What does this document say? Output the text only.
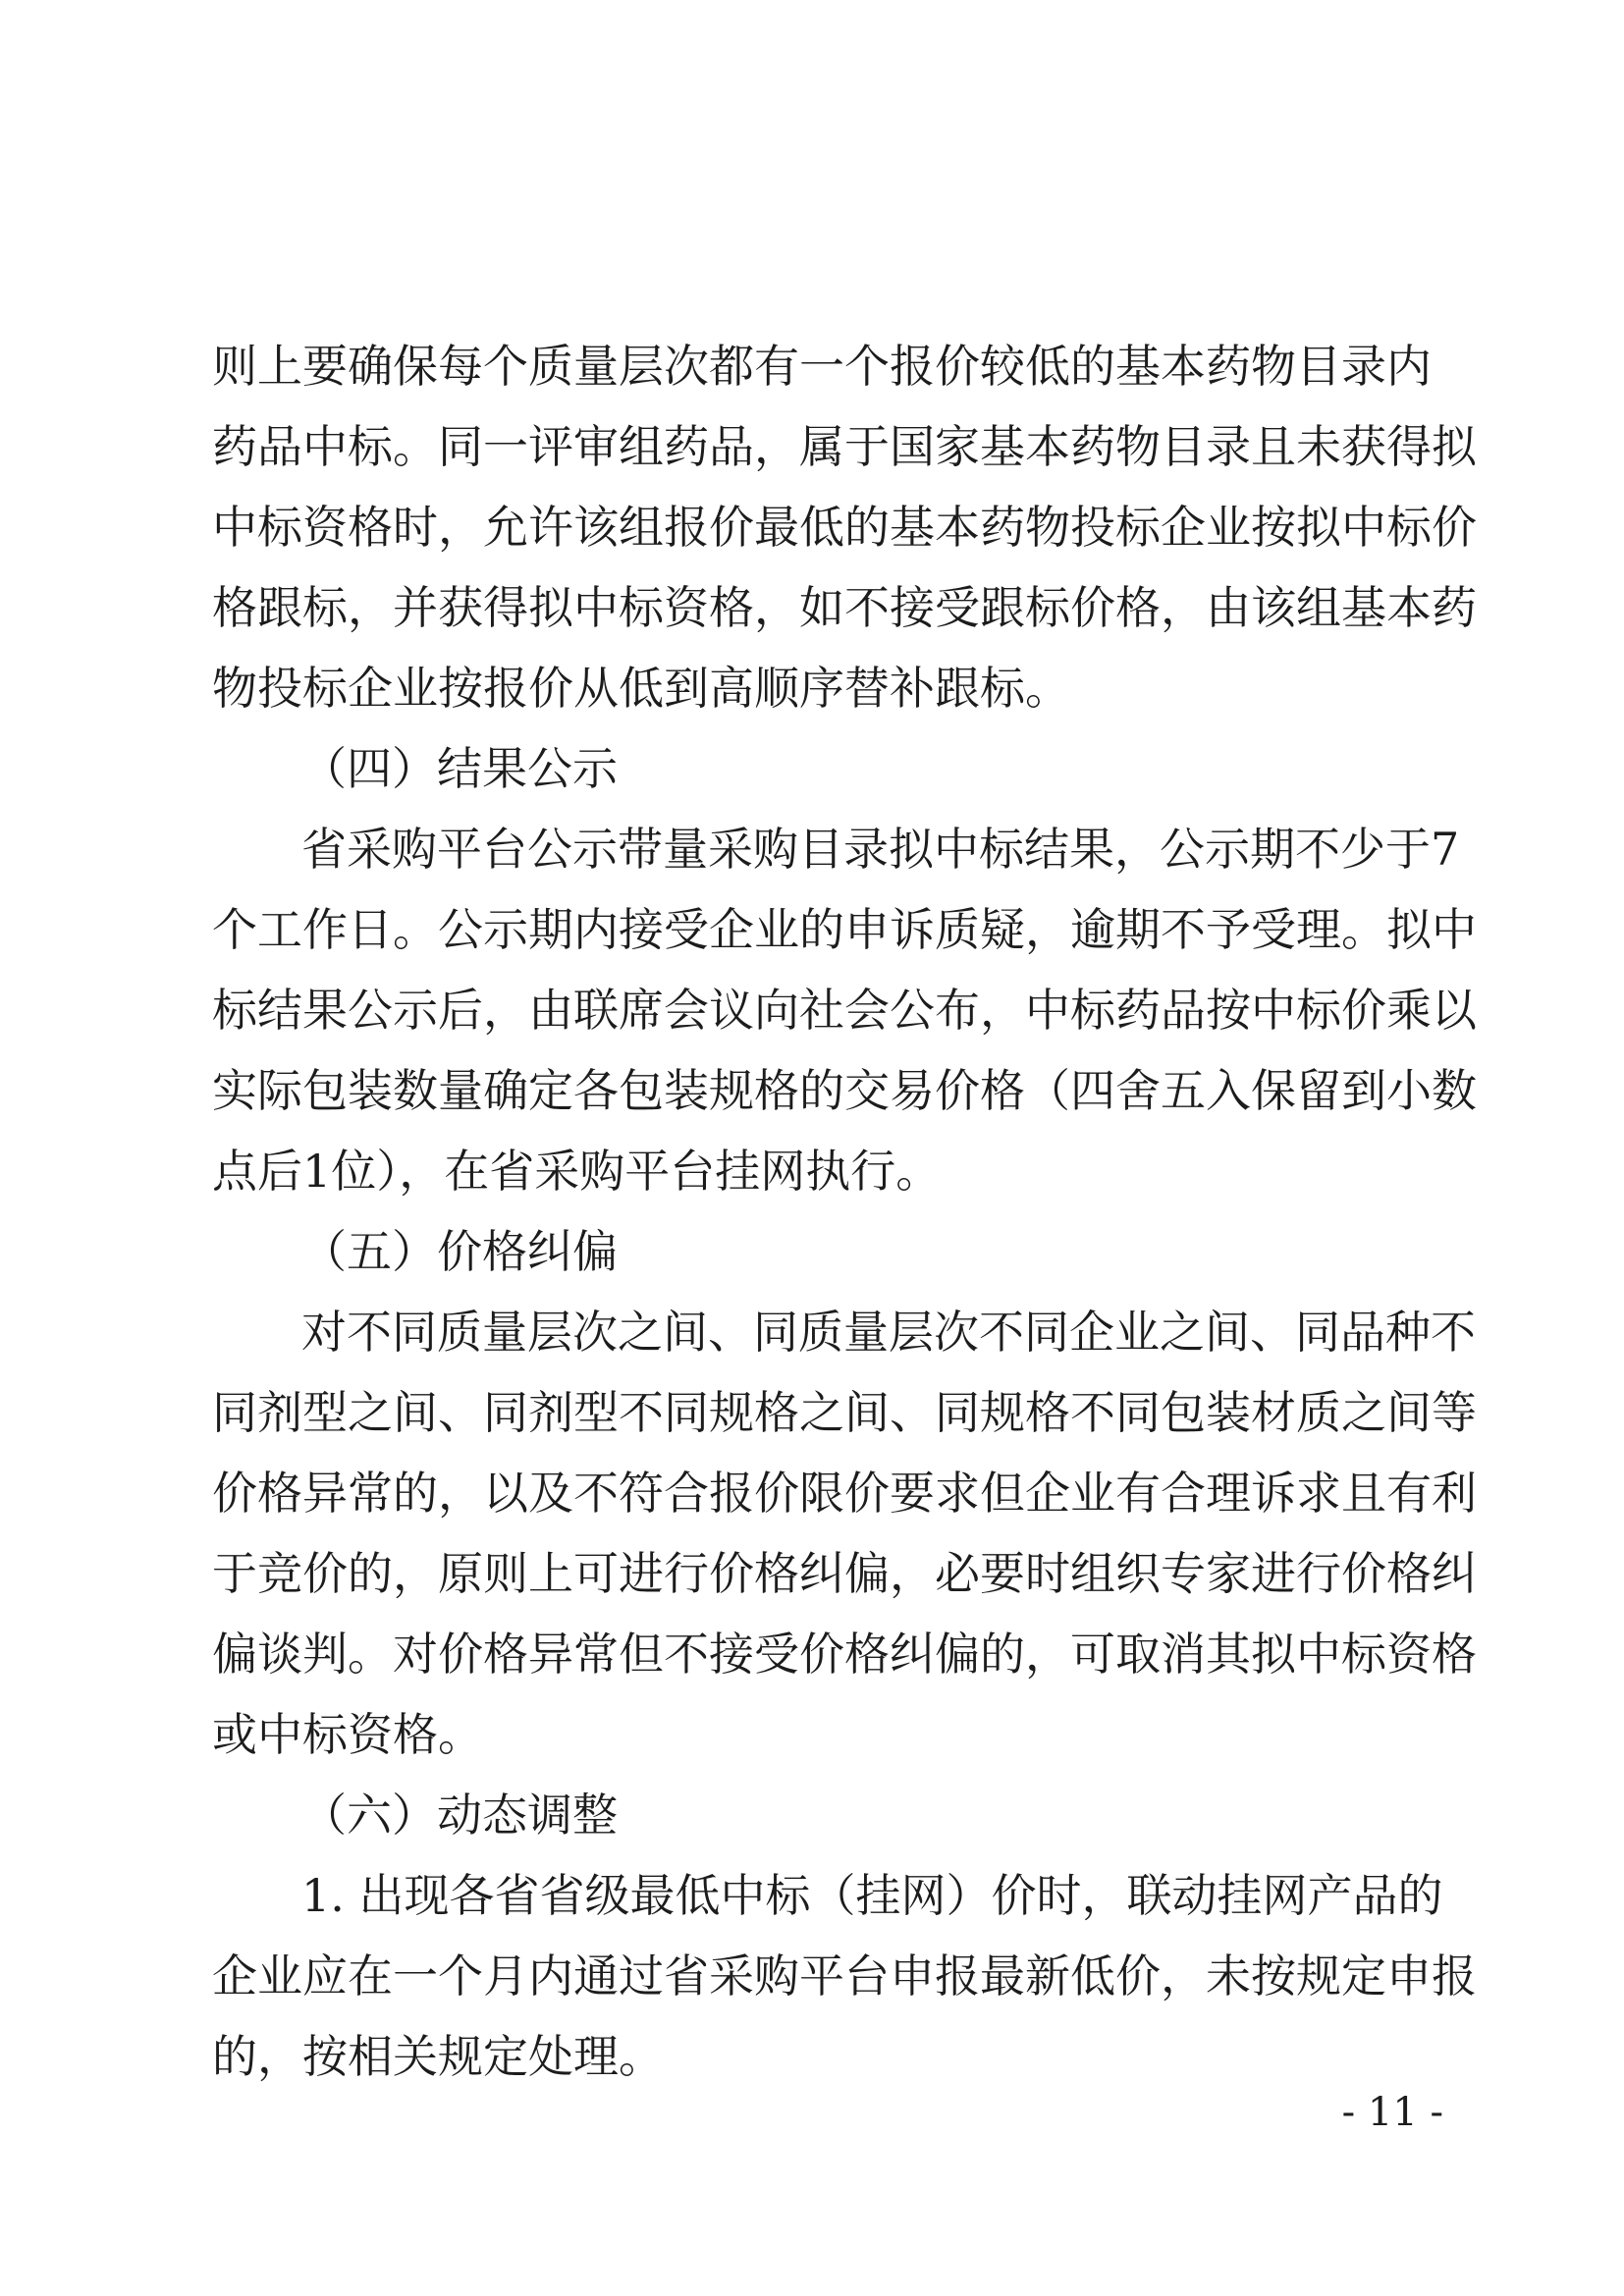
则上要确保每个质量层次都有一个报价较低的基本药物目录内

药品中标。同一评审组药品，属于国家基本药物目录且未获得拟

中标资格时，允许该组报价最低的基本药物投标企业按拟中标价

格跟标，并获得拟中标资格，如不接受跟标价格，由该组基本药

物投标企业按报价从低到高顺序替补跟标。

（四）结果公示

省采购平台公示带量采购目录拟中标结果，公示期不少于7

个工作日。公示期内接受企业的申诉质疑，逾期不予受理。拟中

标结果公示后，由联席会议向社会公布，中标药品按中标价乘以

实际包装数量确定各包装规格的交易价格（四舍五入保留到小数

点后1位），在省采购平台挂网执行。

（五）价格纠偏

对不同质量层次之间、同质量层次不同企业之间、同品种不

同剂型之间、同剂型不同规格之间、同规格不同包装材质之间等

价格异常的，以及不符合报价限价要求但企业有合理诉求且有利

于竞价的，原则上可进行价格纠偏，必要时组织专家进行价格纠

偏谈判。对价格异常但不接受价格纠偏的，可取消其拟中标资格

或中标资格。

（六）动态调整

1. 出现各省省级最低中标（挂网）价时，联动挂网产品的

企业应在一个月内通过省采购平台申报最新低价，未按规定申报

的，按相关规定处理。

- 11 -
